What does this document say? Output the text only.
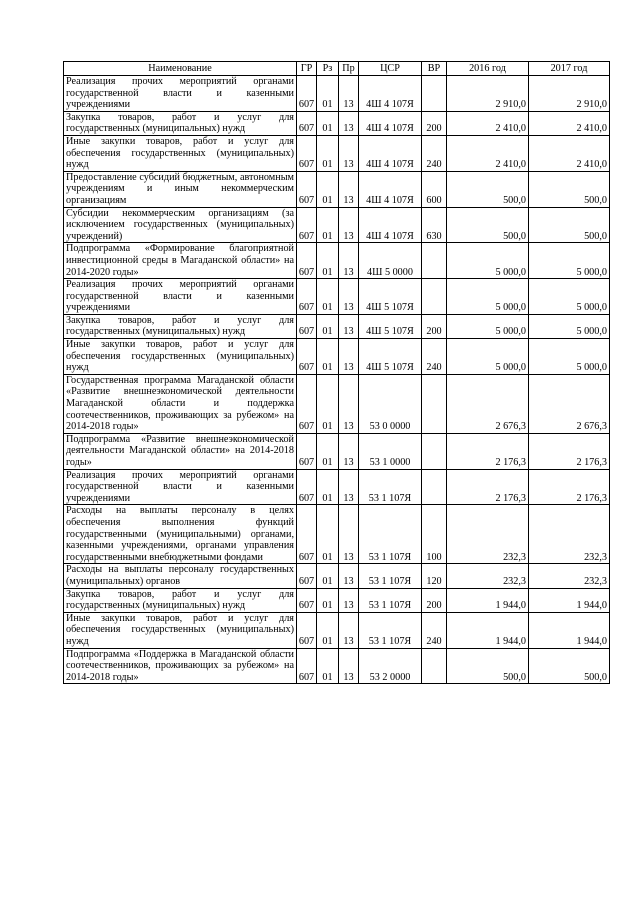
Наименование	ГР	Рз	Пр	ЦСР	ВР	2016 год	2017 год
Реализация прочих мероприятий органами государственной власти и казенными учреждениями	607	01	13	4Ш 4 107Я		2 910,0	2 910,0
Закупка товаров, работ и услуг для государственных (муниципальных) нужд	607	01	13	4Ш 4 107Я	200	2 410,0	2 410,0
Иные закупки товаров, работ и услуг для обеспечения государственных (муниципальных) нужд	607	01	13	4Ш 4 107Я	240	2 410,0	2 410,0
Предоставление субсидий бюджетным, автономным учреждениям и иным некоммерческим организациям	607	01	13	4Ш 4 107Я	600	500,0	500,0
Субсидии некоммерческим организациям (за исключением государственных (муниципальных) учреждений)	607	01	13	4Ш 4 107Я	630	500,0	500,0
Подпрограмма «Формирование благоприятной инвестиционной среды в Магаданской области» на 2014-2020 годы»	607	01	13	4Ш 5 0000		5 000,0	5 000,0
Реализация прочих мероприятий органами государственной власти и казенными учреждениями	607	01	13	4Ш 5 107Я		5 000,0	5 000,0
Закупка товаров, работ и услуг для государственных (муниципальных) нужд	607	01	13	4Ш 5 107Я	200	5 000,0	5 000,0
Иные закупки товаров, работ и услуг для обеспечения государственных (муниципальных) нужд	607	01	13	4Ш 5 107Я	240	5 000,0	5 000,0
Государственная программа Магаданской области «Развитие внешнеэкономической деятельности Магаданской области и поддержка соотечественников, проживающих за рубежом» на 2014-2018 годы»	607	01	13	53 0 0000		2 676,3	2 676,3
Подпрограмма «Развитие внешнеэкономической деятельности Магаданской области» на 2014-2018 годы»	607	01	13	53 1 0000		2 176,3	2 176,3
Реализация прочих мероприятий органами государственной власти и казенными учреждениями	607	01	13	53 1 107Я		2 176,3	2 176,3
Расходы на выплаты персоналу в целях обеспечения выполнения функций государственными (муниципальными) органами, казенными учреждениями, органами управления государственными внебюджетными фондами	607	01	13	53 1 107Я	100	232,3	232,3
Расходы на выплаты персоналу государственных (муниципальных) органов	607	01	13	53 1 107Я	120	232,3	232,3
Закупка товаров, работ и услуг для государственных (муниципальных) нужд	607	01	13	53 1 107Я	200	1 944,0	1 944,0
Иные закупки товаров, работ и услуг для обеспечения государственных (муниципальных) нужд	607	01	13	53 1 107Я	240	1 944,0	1 944,0
Подпрограмма «Поддержка в Магаданской области соотечественников, проживающих за рубежом» на 2014-2018 годы»	607	01	13	53 2 0000		500,0	500,0
